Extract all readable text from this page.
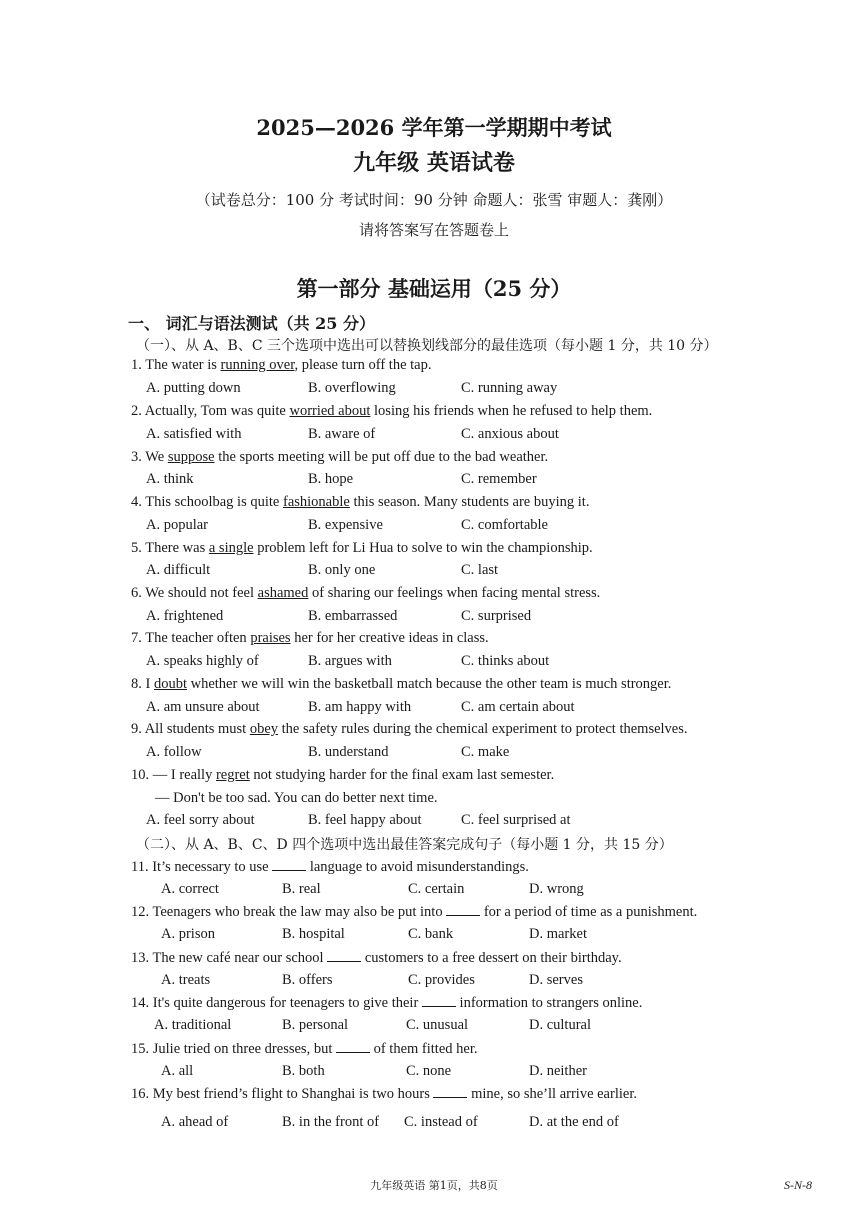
2025—2026 学年第一学期期中考试
九年级 英语试卷
（试卷总分：100 分 考试时间：90 分钟 命题人：张雪 审题人：龚刚）
请将答案写在答题卷上
第一部分 基础运用（25 分）
一、 词汇与语法测试（共 25 分）
（一）、从 A、B、C 三个选项中选出可以替换划线部分的最佳选项（每小题 1 分，共 10 分）
1. The water is running over, please turn off the tap.
A. putting down	B. overflowing	C. running away
2. Actually, Tom was quite worried about losing his friends when he refused to help them.
A. satisfied with	B. aware of	C. anxious about
3. We suppose the sports meeting will be put off due to the bad weather.
A. think	B. hope	C. remember
4. This schoolbag is quite fashionable this season. Many students are buying it.
A. popular	B. expensive	C. comfortable
5. There was a single problem left for Li Hua to solve to win the championship.
A. difficult	B. only one	C. last
6. We should not feel ashamed of sharing our feelings when facing mental stress.
A. frightened	B. embarrassed	C. surprised
7. The teacher often praises her for her creative ideas in class.
A. speaks highly of	B. argues with	C. thinks about
8. I doubt whether we will win the basketball match because the other team is much stronger.
A. am unsure about	B. am happy with	C. am certain about
9. All students must obey the safety rules during the chemical experiment to protect themselves.
A. follow	B. understand	C. make
10. — I really regret not studying harder for the final exam last semester.
— Don't be too sad. You can do better next time.
A. feel sorry about	B. feel happy about	C. feel surprised at
（二）、从 A、B、C、D 四个选项中选出最佳答案完成句子（每小题 1 分，共 15 分）
11. It’s necessary to use  language to avoid misunderstandings.
A. correct	B. real	C. certain	D. wrong
12. Teenagers who break the law may also be put into  for a period of time as a punishment.
A. prison	B. hospital	C. bank	D. market
13. The new café near our school  customers to a free dessert on their birthday.
A. treats	B. offers	C. provides	D. serves
14. It's quite dangerous for teenagers to give their  information to strangers online.
A. traditional	B. personal	C. unusual	D. cultural
15. Julie tried on three dresses, but  of them fitted her.
A. all	B. both	C. none	D. neither
16. My best friend’s flight to Shanghai is two hours  mine, so she’ll arrive earlier.
A. ahead of	B. in the front of C. instead of	D. at the end of
九年级英语 第1页，共8页	S-N-8
